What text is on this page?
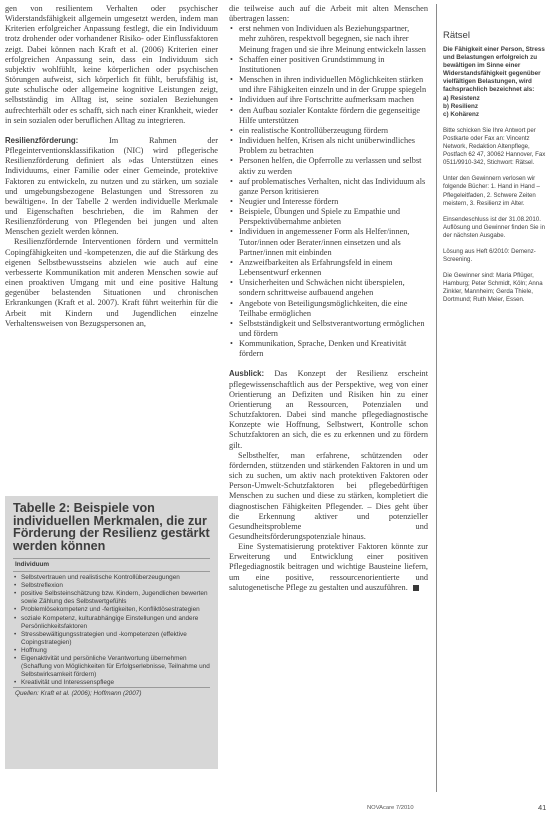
gen von resilientem Verhalten oder psychischer Widerstandsfähigkeit allgemein umgesetzt werden, indem man Kriterien erfolgreicher Anpassung festlegt, die ein Individuum trotz drohender oder vorhandener Risiko- oder Einflussfaktoren zeigt. Dabei können nach Kraft et al. (2006) Kriterien einer erfolgreichen Anpassung sein, dass ein Individuum sich subjektiv wohlfühlt, keine körperlichen oder psychischen Störungen aufweist, sich körperlich fit fühlt, berufsfähig ist, gute schulische oder allgemeine kognitive Leistungen zeigt, selbstständig im Alltag ist, seine sozialen Beziehungen aufrechterhält oder es schafft, sich nach einer Krankheit, wieder in sein sozialen oder beruflichen Alltag zu integrieren.

Resilienzförderung: Im Rahmen der Pflegeinterventionsklassifikation (NIC) wird pflegerische Resilienzförderung definiert als »das Unterstützen eines Individuums, einer Familie oder einer Gemeinde, protektive Faktoren zu entwickeln, zu nutzen und zu stärken, um soziale und umgebungsbezogene Belastungen und Stressoren zu bewältigen«. In der Tabelle 2 werden individuelle Merkmale und Eigenschaften beschrieben, die im Rahmen der Resilienzförderung von Pflegenden bei jungen und alten Menschen gezielt werden können.

Resilienzfördernde Interventionen fördern und vermitteln Copingfähigkeiten und -kompetenzen, die auf die Stärkung des eigenen Selbstbewusstseins abzielen wie auch auf eine verbesserte Kommunikation mit anderen Menschen sowie auf einen proaktiven Umgang mit und eine positive Haltung gegenüber belastenden Situationen und chronischen Erkrankungen (Kraft et al. 2007). Kraft führt weiterhin für die Arbeit mit Kindern und Jugendlichen einzelne Verhaltensweisen von Bezugspersonen an,

Tabelle 2: Beispiele von individuellen Merkmalen, die zur Förderung der Resilienz gestärkt werden können
Individuum
• Selbstvertrauen und realistische Kontrollüberzeugungen
• Selbstreflexion
• positive Selbsteinschätzung bzw. Kindern, Jugendlichen bewerten sowie Zählung des Selbstwertgefühls
• Problemlösekompetenz und -fertigkeiten, Konfliktlösestrategien
• soziale Kompetenz, kulturabhängige Einstellungen und andere Persönlichkeitsfaktoren
• Stressbewältigungsstrategien und -kompetenzen (effektive Copingstrategien)
• Hoffnung
• Eigenaktivität und persönliche Verantwortung übernehmen (Schaffung von Möglichkeiten für Erfolgserlebnisse, Teilnahme und Selbstwirksamkeit fördern)
• Kreativität und Interessenspflege
Quellen: Kraft et al. (2006); Hoffmann (2007)

die teilweise auch auf die Arbeit mit alten Menschen übertragen lassen:

• erst nehmen von Individuen als Beziehungspartner, mehr zuhören, respektvoll begegnen, sie nach ihrer Meinung fragen und sie ihre Meinung entwickeln lassen
• Schaffen einer positiven Grundstimmung in Institutionen
• Menschen in ihren individuellen Möglichkeiten stärken und ihre Fähigkeiten einzeln und in der Gruppe spiegeln
• Individuen auf ihre Fortschritte aufmerksam machen
• den Aufbau sozialer Kontakte fördern die gegenseitige Hilfe unterstützen
• ein realistische Kontrollüberzeugung fördern
• Individuen helfen, Krisen als nicht unüberwindliches Problem zu betrachten
• Personen helfen, die Opferrolle zu verlassen und selbst aktiv zu werden
• auf problematisches Verhalten, nicht das Individuum als ganze Person kritisieren
• Neugier und Interesse fördern
• Beispiele, Übungen und Spiele zu Empathie und Perspektivübernahme anbieten
• Individuen in angemessener Form als Helfer/innen, Tutor/innen oder Berater/innen einsetzen und als Partner/innen mit einbinden
• Anzweifbarkeiten als Erfahrungsfeld in einem Lebensentwurf erkennen
• Unsicherheiten und Schwächen nicht überspielen, sondern schrittweise aufbauend angehen
• Angebote von Beteiligungsmöglichkeiten, die eine Teilhabe ermöglichen
• Selbstständigkeit und Selbstverantwortung ermöglichen und fördern
• Kommunikation, Sprache, Denken und Kreativität fördern

Ausblick: Das Konzept der Resilienz erscheint pflegewissenschaftlich aus der Perspektive, weg von einer Orientierung an Defiziten und Risiken hin zu einer Orientierung an Ressourcen, Potenzialen und Schutzfaktoren. Dabei sind manche pflegediagnostische Konzepte wie Hoffnung, Selbstwert, Kontrolle schon Schutzfaktoren an sich, die es zu erkennen und zu fördern gilt.

Selbsthelfer, man erfahrene, schützenden oder fördernden, stützenden und stärkenden Faktoren in und um sich zu suchen, um aktiv nach protektiven Faktoren oder Person-Umwelt-Schutzfaktoren bei pflegebedürftigen Menschen zu suchen und diese zu stärken, kompletiert die diagnostischen Fähigkeiten Pflegender. – Dies geht über die Erkennung aktiver und potenzieller Gesundheitsprobleme und Gesundheitsförderungspotenziale hinaus.

Eine Systematisierung protektiver Faktoren könnte zur Erweiterung und Entwicklung einer positiven Pflegediagnostik beitragen und wichtige Bausteine liefern, um eine positive, ressourcenorientierte und salutogenetische Pflege zu gestalten und auszuführen.

Rätsel
Die Fähigkeit einer Person, Stress und Belastungen erfolgreich zu bewältigen im Sinne einer Widerstandsfähigkeit gegenüber vielfältigen Belastungen, wird fachsprachlich bezeichnet als:
a) Resistenz
b) Resilienz
c) Kohärenz
Bitte schicken Sie Ihre Antwort per Postkarte oder Fax an: Vincentz Network, Redaktion Altenpflege, Postfach 62 47, 30062 Hannover, Fax 0511/9910-342, Stichwort: Rätsel.
Unter den Gewinnern verlosen wir folgende Bücher: 1. Hand in Hand – Pflegeleitfaden, 2. Schwere Zeiten meistern, 3. Resilienz im Alter.
Einsendeschluss ist der 31.08.2010. Auflösung und Gewinner finden Sie in der nächsten Ausgabe.
Lösung aus Heft 6/2010: Demenz-Screening.
Die Gewinner sind: Maria Pflüger, Hamburg; Peter Schmidt, Köln; Anna Zinkler, Mannheim; Gerda Thiele, Dortmund; Ruth Meier, Essen.
NOVAcare 7/2010	41
